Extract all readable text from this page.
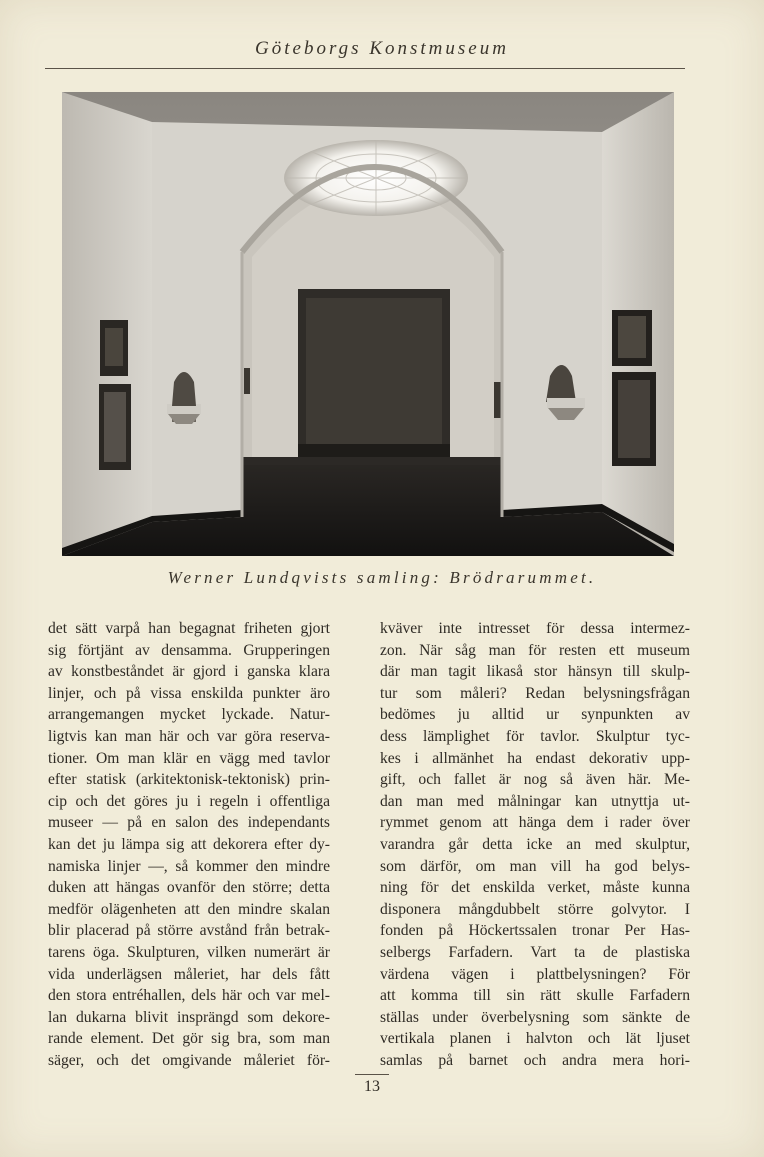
Göteborgs Konstmuseum
Werner Lundqvists samling: Brödrarummet.
det sätt varpå han begagnat friheten gjort
sig förtjänt av densamma. Grupperingen
av konstbeståndet är gjord i ganska klara
linjer, och på vissa enskilda punkter äro
arrangemangen mycket lyckade. Natur-
ligtvis kan man här och var göra reserva-
tioner. Om man klär en vägg med tavlor
efter statisk (arkitektonisk-tektonisk) prin-
cip och det göres ju i regeln i offentliga
museer — på en salon des independants
kan det ju lämpa sig att dekorera efter dy-
namiska linjer —, så kommer den mindre
duken att hängas ovanför den större; detta
medför olägenheten att den mindre skalan
blir placerad på större avstånd från betrak-
tarens öga. Skulpturen, vilken numerärt är
vida underlägsen måleriet, har dels fått
den stora entréhallen, dels här och var mel-
lan dukarna blivit insprängd som dekore-
rande element. Det gör sig bra, som man
säger, och det omgivande måleriet för-
kväver inte intresset för dessa intermez-
zon. När såg man för resten ett museum
där man tagit likaså stor hänsyn till skulp-
tur som måleri? Redan belysningsfrågan
bedömes ju alltid ur synpunkten av
dess lämplighet för tavlor. Skulptur tyc-
kes i allmänhet ha endast dekorativ upp-
gift, och fallet är nog så även här. Me-
dan man med målningar kan utnyttja ut-
rymmet genom att hänga dem i rader över
varandra går detta icke an med skulptur,
som därför, om man vill ha god belys-
ning för det enskilda verket, måste kunna
disponera mångdubbelt större golvytor. I
fonden på Höckertssalen tronar Per Has-
selbergs Farfadern. Vart ta de plastiska
värdena vägen i plattbelysningen? För
att komma till sin rätt skulle Farfadern
ställas under överbelysning som sänkte de
vertikala planen i halvton och lät ljuset
samlas på barnet och andra mera hori-
13
